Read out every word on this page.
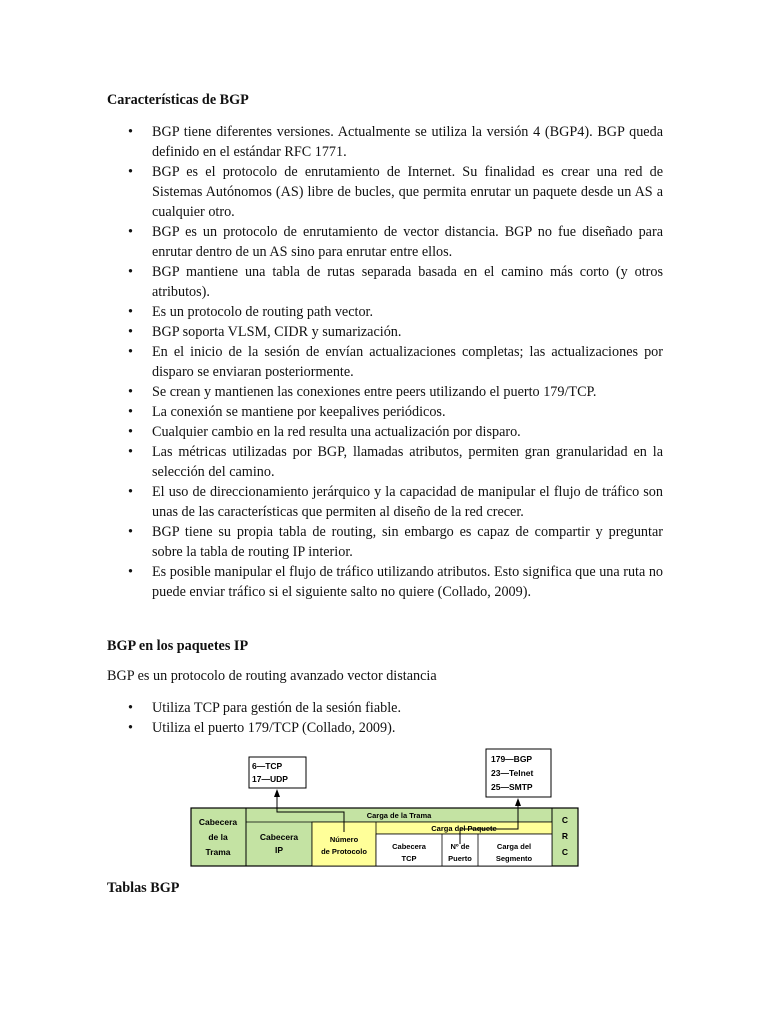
Características de BGP
• BGP tiene diferentes versiones. Actualmente se utiliza la versión 4 (BGP4). BGP queda definido en el estándar RFC 1771.
• BGP es el protocolo de enrutamiento de Internet. Su finalidad es crear una red de Sistemas Autónomos (AS) libre de bucles, que permita enrutar un paquete desde un AS a cualquier otro.
• BGP es un protocolo de enrutamiento de vector distancia. BGP no fue diseñado para enrutar dentro de un AS sino para enrutar entre ellos.
• BGP mantiene una tabla de rutas separada basada en el camino más corto (y otros atributos).
• Es un protocolo de routing path vector.
• BGP soporta VLSM, CIDR y sumarización.
• En el inicio de la sesión de envían actualizaciones completas; las actualizaciones por disparo se enviaran posteriormente.
• Se crean y mantienen las conexiones entre peers utilizando el puerto 179/TCP.
• La conexión se mantiene por keepalives periódicos.
• Cualquier cambio en la red resulta una actualización por disparo.
• Las métricas utilizadas por BGP, llamadas atributos, permiten gran granularidad en la selección del camino.
• El uso de direccionamiento jerárquico y la capacidad de manipular el flujo de tráfico son unas de las características que permiten al diseño de la red crecer.
• BGP tiene su propia tabla de routing, sin embargo es capaz de compartir y preguntar sobre la tabla de routing IP interior.
• Es posible manipular el flujo de tráfico utilizando atributos. Esto significa que una ruta no puede enviar tráfico si el siguiente salto no quiere (Collado, 2009).
BGP en los paquetes IP

BGP es un protocolo de routing avanzado vector distancia

• Utiliza TCP para gestión de la sesión fiable.
• Utiliza el puerto 179/TCP (Collado, 2009).
6—TCP
17—UDP
179—BGP
23—Telnet
25—SMTP
Cabecera
de la
Trama
Carga de la Trama
Cabecera
IP
Número
de Protocolo
Carga del Paquete
Cabecera
TCP
Nº de
Puerto
Carga del
Segmento
C
R
C
Tablas BGP
